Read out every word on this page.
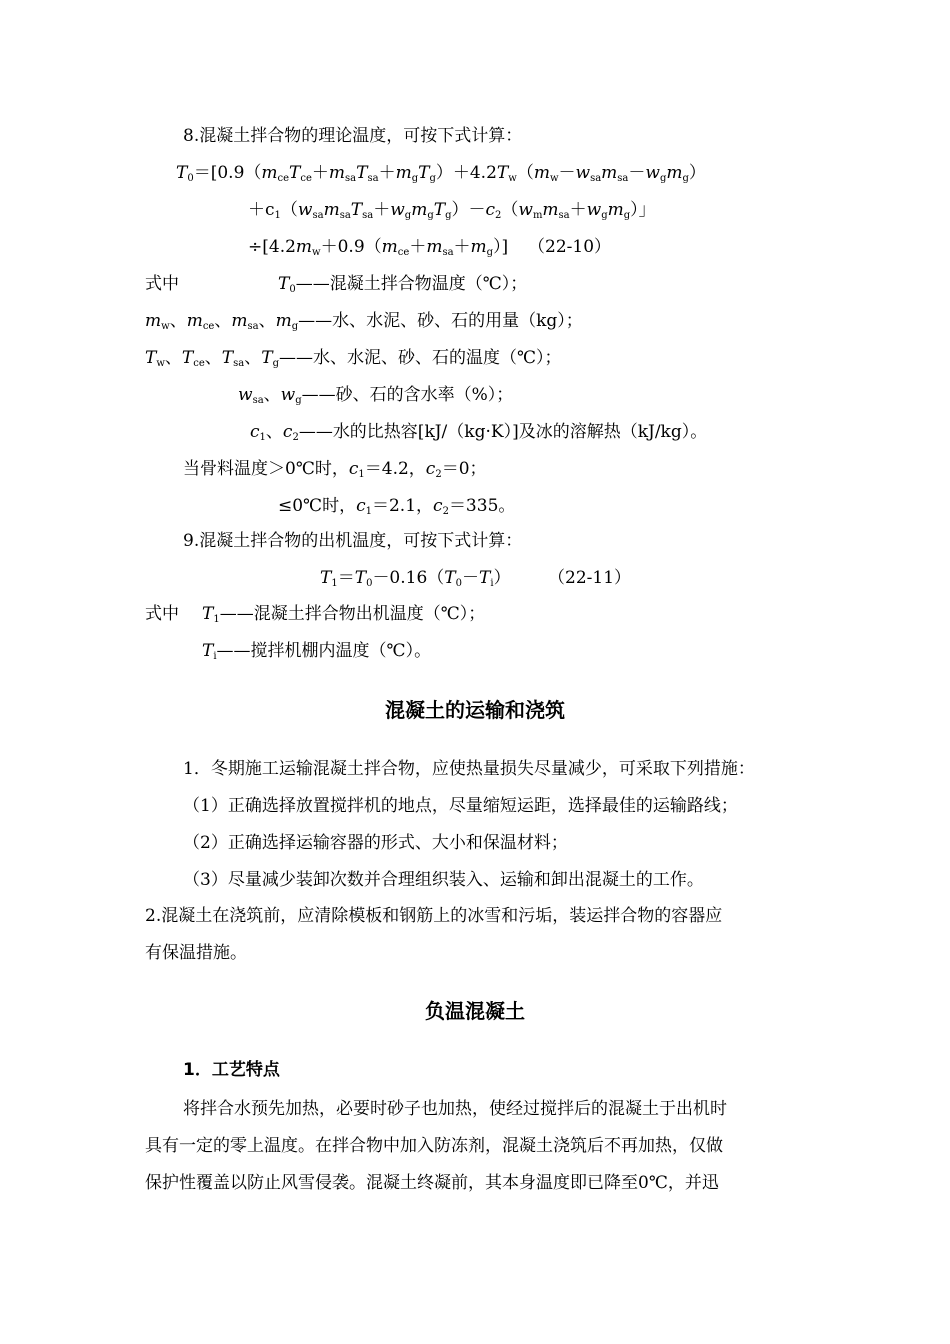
8.混凝土拌合物的理论温度，可按下式计算：
$T_0=[0.9(m_{ce}T_{ce}+m_{sa}T_{sa}+m_gT_g)+4.2T_w(m_w-w_{sa}m_{sa}-w_gm_g)$
$+c_1(w_{sa}m_{sa}T_{sa}+w_gm_gT_g)-c_2(w_mm_{sa}+w_gm_g)$」
$\div[4.2m_w+0.9(m_{ce}+m_{sa}+m_g)]$ （22-10）
式中	$T_0——$混凝土拌合物温度（℃）；
$m_w$、$m_{ce}$、$m_{sa}$、$m_g——$水、水泥、砂、石的用量（kg）；
$T_w$、$T_{ce}$、$T_{sa}$、$T_g——$水、水泥、砂、石的温度（℃）；
$w_{sa}$、$w_g——$砂、石的含水率（%）；
$c_1$、$c_2——$水的比热容[kJ/（kg·K）]及冰的溶解热（kJ/kg）。
当骨料温度＞0℃时，$c_1=4.2$，$c_2=0$；
≤0℃时，$c_1=2.1$，$c_2=335$。
9.混凝土拌合物的出机温度，可按下式计算：
$T_1=T_0-0.16(T_0-T_i)$ （22-11）
式中 $T_1——$混凝土拌合物出机温度（℃）；
$T_i——$搅拌机棚内温度（℃）。
混凝土的运输和浇筑
1．冬期施工运输混凝土拌合物，应使热量损失尽量减少，可采取下列措施：
（1）正确选择放置搅拌机的地点，尽量缩短运距，选择最佳的运输路线；
（2）正确选择运输容器的形式、大小和保温材料；
（3）尽量减少装卸次数并合理组织装入、运输和卸出混凝土的工作。
2.混凝土在浇筑前，应清除模板和钢筋上的冰雪和污垢，装运拌合物的容器应
有保温措施。
负温混凝土
1．工艺特点
将拌合水预先加热，必要时砂子也加热，使经过搅拌后的混凝土于出机时
具有一定的零上温度。在拌合物中加入防冻剂，混凝土浇筑后不再加热，仅做
保护性覆盖以防止风雪侵袭。混凝土终凝前，其本身温度即已降至0℃，并迅
